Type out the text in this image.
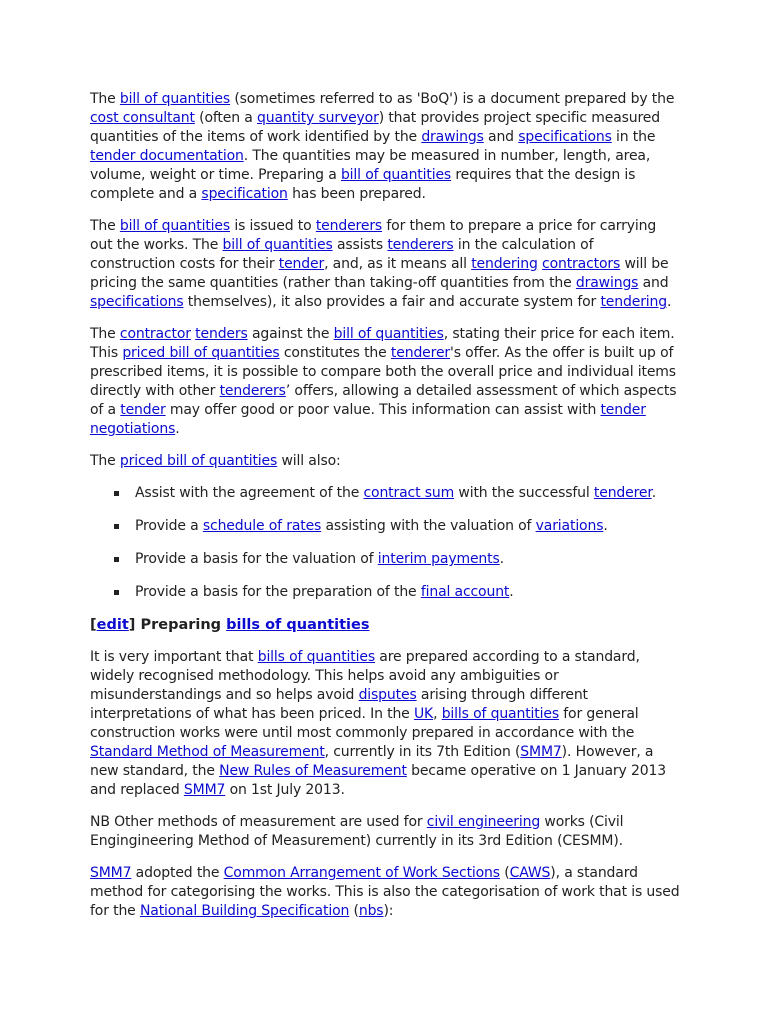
The bill of quantities (sometimes referred to as 'BoQ') is a document prepared by the cost consultant (often a quantity surveyor) that provides project specific measured quantities of the items of work identified by the drawings and specifications in the tender documentation. The quantities may be measured in number, length, area, volume, weight or time. Preparing a bill of quantities requires that the design is complete and a specification has been prepared.

The bill of quantities is issued to tenderers for them to prepare a price for carrying out the works. The bill of quantities assists tenderers in the calculation of construction costs for their tender, and, as it means all tendering contractors will be pricing the same quantities (rather than taking-off quantities from the drawings and specifications themselves), it also provides a fair and accurate system for tendering.

The contractor tenders against the bill of quantities, stating their price for each item. This priced bill of quantities constitutes the tenderer's offer. As the offer is built up of prescribed items, it is possible to compare both the overall price and individual items directly with other tenderers’ offers, allowing a detailed assessment of which aspects of a tender may offer good or poor value. This information can assist with tender negotiations.

The priced bill of quantities will also:

Assist with the agreement of the contract sum with the successful tenderer.
Provide a schedule of rates assisting with the valuation of variations.
Provide a basis for the valuation of interim payments.
Provide a basis for the preparation of the final account.
[edit] Preparing bills of quantities

It is very important that bills of quantities are prepared according to a standard, widely recognised methodology. This helps avoid any ambiguities or misunderstandings and so helps avoid disputes arising through different interpretations of what has been priced. In the UK, bills of quantities for general construction works were until most commonly prepared in accordance with the Standard Method of Measurement, currently in its 7th Edition (SMM7). However, a new standard, the New Rules of Measurement became operative on 1 January 2013 and replaced SMM7 on 1st July 2013.

NB Other methods of measurement are used for civil engineering works (Civil Engingineering Method of Measurement) currently in its 3rd Edition (CESMM).

SMM7 adopted the Common Arrangement of Work Sections (CAWS), a standard method for categorising the works. This is also the categorisation of work that is used for the National Building Specification (nbs):
